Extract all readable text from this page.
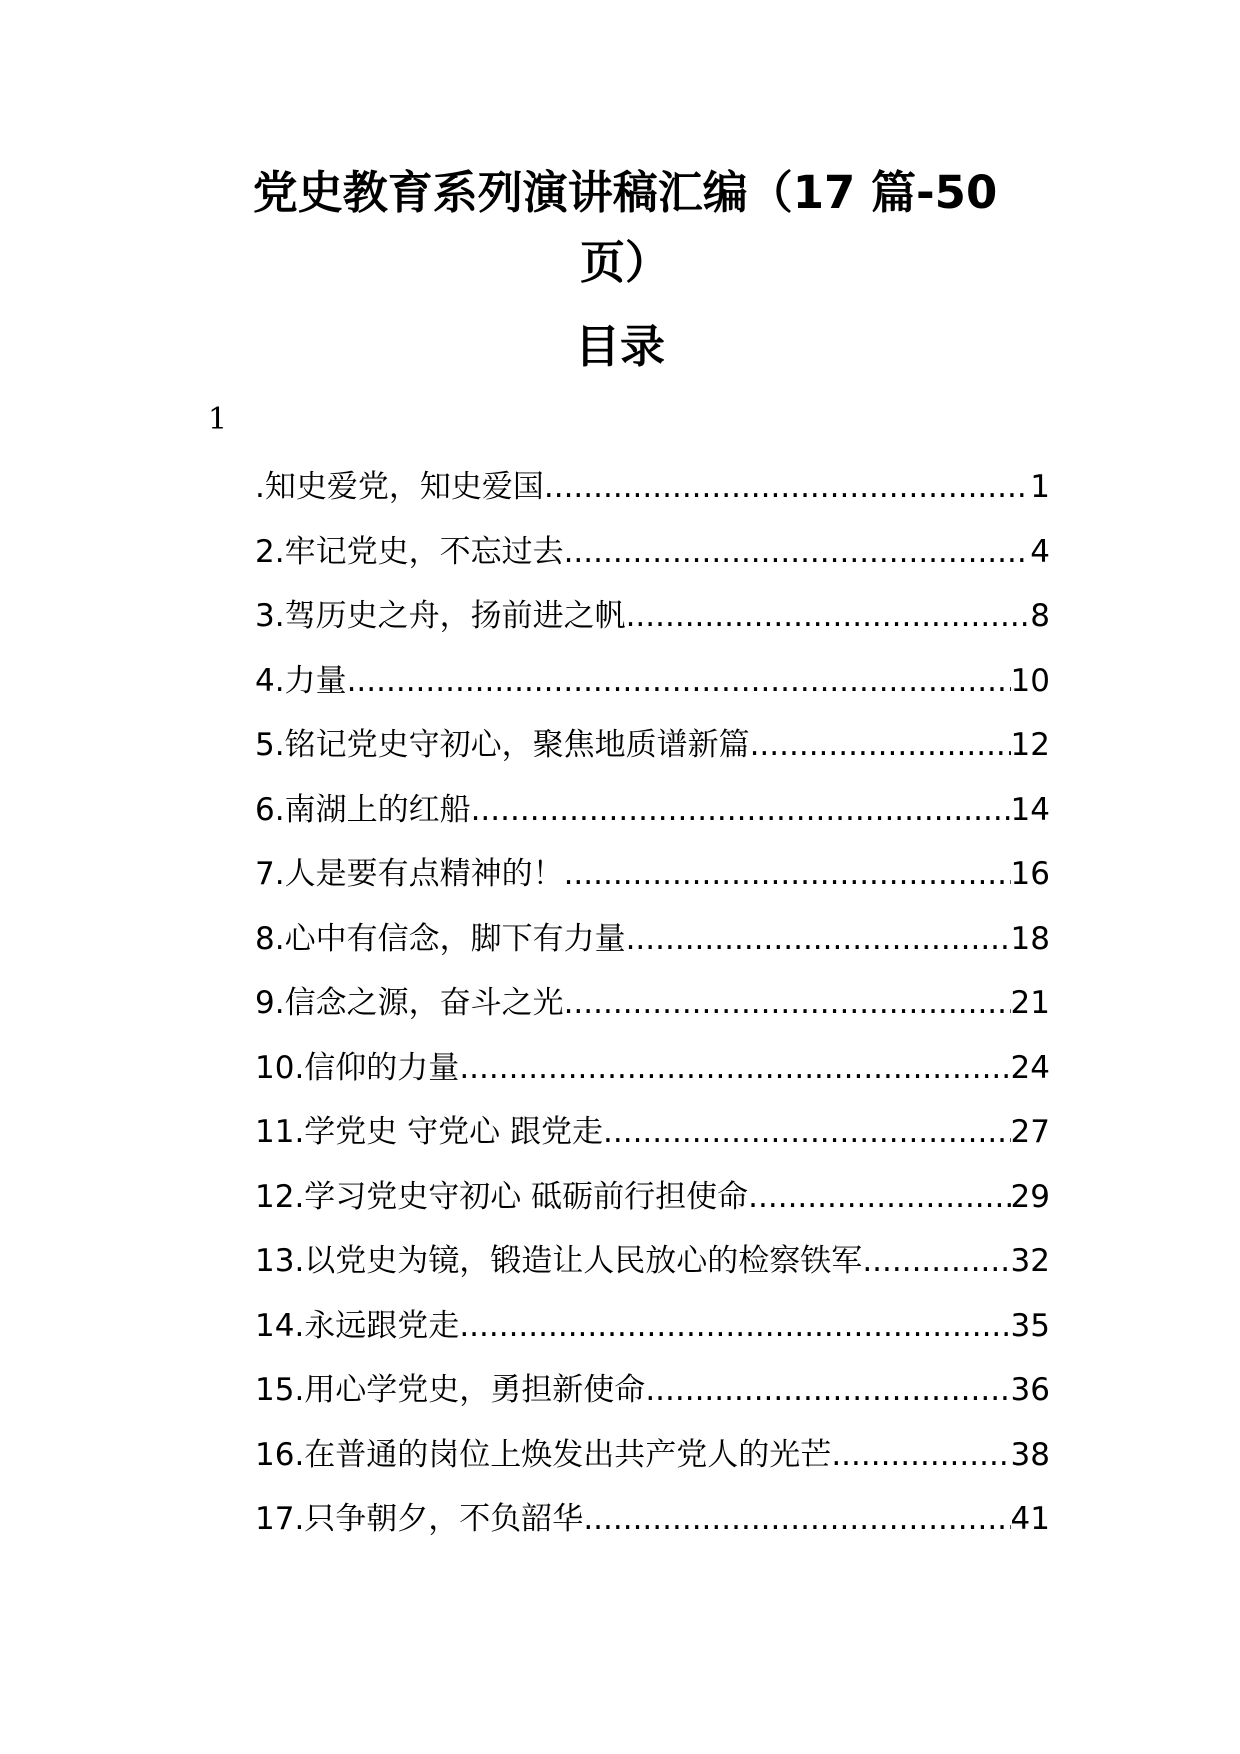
党史教育系列演讲稿汇编（17 篇-50
页）
目录
1
.知史爱党，知史爱国 .....	1
2.牢记党史，不忘过去 .....	4
3.驾历史之舟，扬前进之帆 .....	8
4.力量 .....	10
5.铭记党史守初心，聚焦地质谱新篇 .....	12
6.南湖上的红船 .....	14
7.人是要有点精神的！ .....	16
8.心中有信念，脚下有力量 .....	18
9.信念之源，奋斗之光 .....	21
10.信仰的力量 .....	24
11.学党史 守党心 跟党走 .....	27
12.学习党史守初心 砥砺前行担使命 .....	29
13.以党史为镜，锻造让人民放心的检察铁军 .....	32
14.永远跟党走 .....	35
15.用心学党史，勇担新使命 .....	36
16.在普通的岗位上焕发出共产党人的光芒 .....	38
17.只争朝夕，不负韶华 .....	41
